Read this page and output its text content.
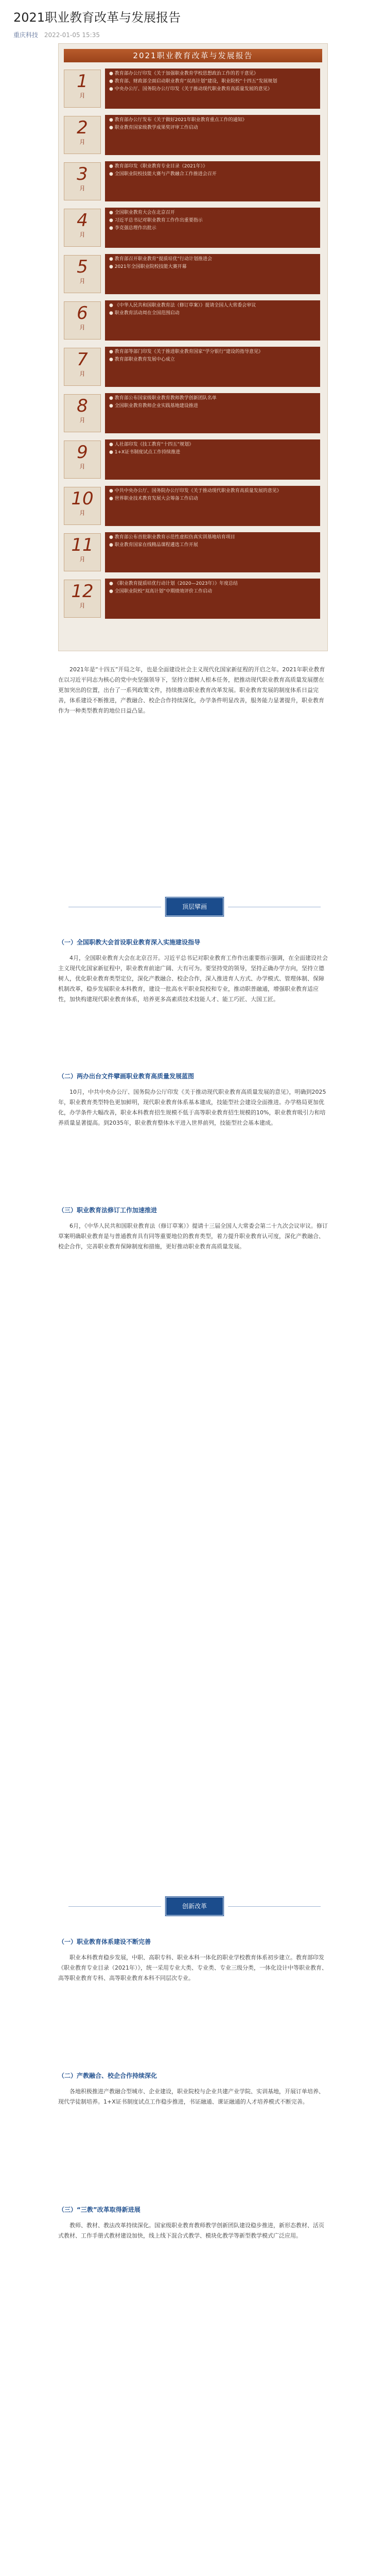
2021职业教育改革与发展报告
重庆科技 2022-01-05 15:35
2021职业教育改革与发展报告
1
月

● 教育部办公厅印发《关于加强职业教育学校思想政治工作的若干意见》

● 教育部、财政部全面启动职业教育“双高计划”建设，职业院校“十四五”发展规划

● 中央办公厅、国务院办公厅印发《关于推动现代职业教育高质量发展的意见》

2
月

● 教育部办公厅发布《关于做好2021年职业教育重点工作的通知》

● 职业教育国家级教学成果奖评审工作启动

3
月

● 教育部印发《职业教育专业目录（2021年）》

● 全国职业院校技能大赛与产教融合工作推进会召开

4
月

● 全国职业教育大会在北京召开

● 习近平总书记对职业教育工作作出重要指示

● 李克强总理作出批示

5
月

● 教育部召开职业教育“提质培优”行动计划推进会

● 2021年全国职业院校技能大赛开幕

6
月

● 《中华人民共和国职业教育法（修订草案）》提请全国人大常委会审议

● 职业教育活动周在全国范围启动

7
月

● 教育部等部门印发《关于推进职业教育国家“学分银行”建设的指导意见》

● 教育部职业教育发展中心成立

8
月

● 教育部公布国家级职业教育教师教学创新团队名单

● 全国职业教育教师企业实践基地建设推进

9
月

● 人社部印发《技工教育“十四五”规划》

● 1+X证书制度试点工作持续推进

10
月

● 中共中央办公厅、国务院办公厅印发《关于推动现代职业教育高质量发展的意见》

● 世界职业技术教育发展大会筹备工作启动

11
月

● 教育部公布首批职业教育示范性虚拟仿真实训基地培育项目

● 职业教育国家在线精品课程遴选工作开展

12
月

● 《职业教育提质培优行动计划（2020—2023年）》年度总结

● 全国职业院校“双高计划”中期绩效评价工作启动

2021年是“十四五”开局之年，也是全面建设社会主义现代化国家新征程的开启之年。2021年职业教育在以习近平同志为核心的党中央坚强领导下，坚持立德树人根本任务，把推动现代职业教育高质量发展摆在更加突出的位置，出台了一系列政策文件，持续推动职业教育改革发展。职业教育发展的制度体系日益完善，体系建设不断推进，产教融合、校企合作持续深化，办学条件明显改善，服务能力显著提升，职业教育作为一种类型教育的地位日益凸显。

顶层擘画

（一）全国职教大会首设职业教育深入实施建设指导

4月，全国职业教育大会在北京召开。习近平总书记对职业教育工作作出重要指示强调，在全面建设社会主义现代化国家新征程中，职业教育前途广阔、大有可为。要坚持党的领导，坚持正确办学方向，坚持立德树人，优化职业教育类型定位，深化产教融合、校企合作，深入推进育人方式、办学模式、管理体制、保障机制改革，稳步发展职业本科教育，建设一批高水平职业院校和专业，推动职普融通，增强职业教育适应性，加快构建现代职业教育体系，培养更多高素质技术技能人才、能工巧匠、大国工匠。

（二）两办出台文件擘画职业教育高质量发展蓝图

10月，中共中央办公厅、国务院办公厅印发《关于推动现代职业教育高质量发展的意见》，明确到2025年，职业教育类型特色更加鲜明，现代职业教育体系基本建成，技能型社会建设全面推进。办学格局更加优化，办学条件大幅改善，职业本科教育招生规模不低于高等职业教育招生规模的10%，职业教育吸引力和培养质量显著提高。到2035年，职业教育整体水平进入世界前列，技能型社会基本建成。

（三）职业教育法修订工作加速推进

6月，《中华人民共和国职业教育法（修订草案）》提请十三届全国人大常委会第二十九次会议审议。修订草案明确职业教育是与普通教育具有同等重要地位的教育类型，着力提升职业教育认可度，深化产教融合、校企合作，完善职业教育保障制度和措施，更好推动职业教育高质量发展。

创新改革

（一）职业教育体系建设不断完善

职业本科教育稳步发展，中职、高职专科、职业本科一体化的职业学校教育体系初步建立。教育部印发《职业教育专业目录（2021年）》，统一采用专业大类、专业类、专业三级分类，一体化设计中等职业教育、高等职业教育专科、高等职业教育本科不同层次专业。

（二）产教融合、校企合作持续深化

各地积极推进产教融合型城市、企业建设，职业院校与企业共建产业学院、实训基地，开展订单培养、现代学徒制培养。1+X证书制度试点工作稳步推进，书证融通、课证融通的人才培养模式不断完善。

（三）“三教”改革取得新进展

教师、教材、教法改革持续深化。国家级职业教育教师教学创新团队建设稳步推进，新形态教材、活页式教材、工作手册式教材建设加快，线上线下混合式教学、模块化教学等新型教学模式广泛应用。
